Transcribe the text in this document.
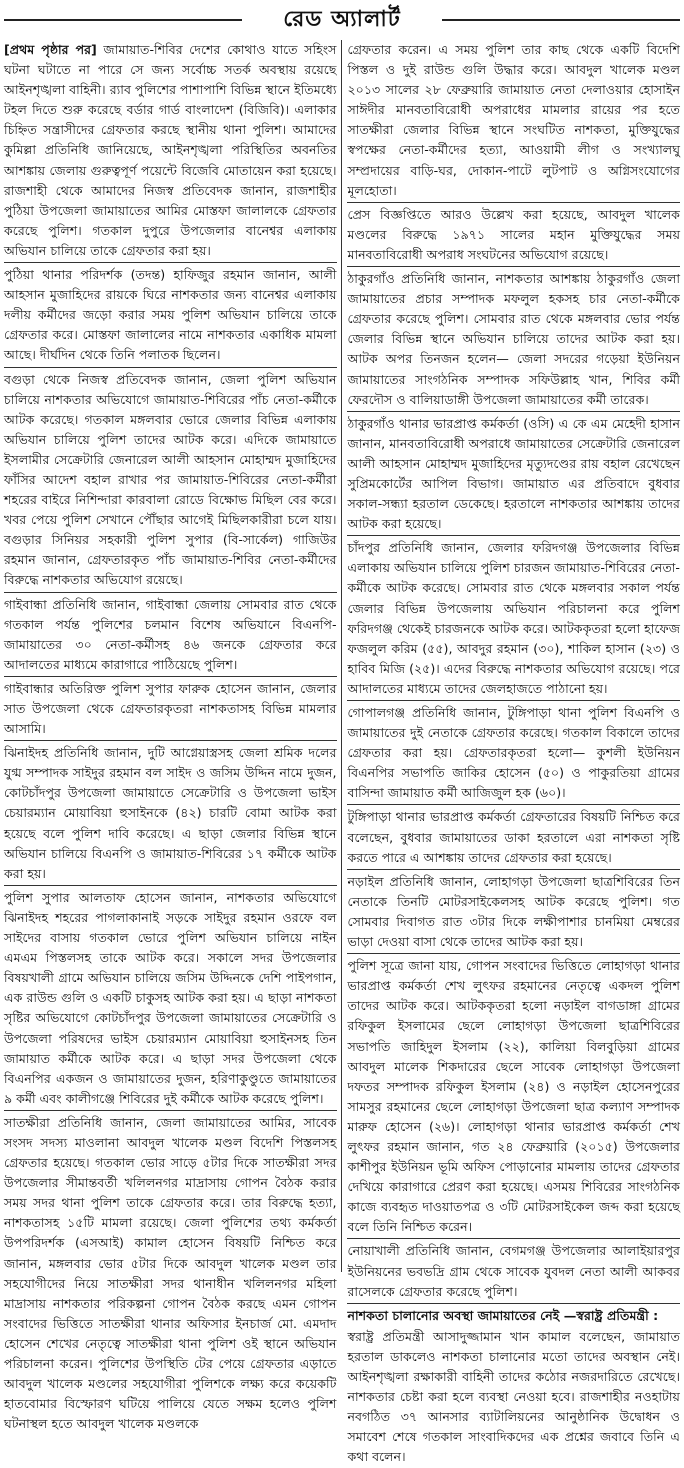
রেড অ্যালার্ট

[প্রথম পৃষ্ঠার পর] জামায়াত-শিবির দেশের কোথাও যাতে সহিংস ঘটনা ঘটাতে না পারে সে জন্য সর্বোচ্চ সতর্ক অবস্থায় রয়েছে আইনশৃঙ্খলা বাহিনী। র‍্যাব পুলিশের পাশাপাশি বিভিন্ন স্থানে ইতিমধ্যে টহল দিতে শুরু করেছে বর্ডার গার্ড বাংলাদেশ (বিজিবি)। এলাকার চিহ্নিত সন্ত্রাসীদের গ্রেফতার করছে স্থানীয় থানা পুলিশ। আমাদের কুমিল্লা প্রতিনিধি জানিয়েছে, আইনশৃঙ্খলা পরিস্থিতির অবনতির আশঙ্কায় জেলায় গুরুত্বপূর্ণ পয়েন্টে বিজেবি মোতায়েন করা হয়েছে। রাজশাহী থেকে আমাদের নিজস্ব প্রতিবেদক জানান, রাজশাহীর পুঠিয়া উপজেলা জামায়াতের আমির মোস্তফা জালালকে গ্রেফতার করেছে পুলিশ। গতকাল দুপুরে উপজেলার বানেশ্বর এলাকায় অভিযান চালিয়ে তাকে গ্রেফতার করা হয়।

পুঠিয়া থানার পরিদর্শক (তদন্ত) হাফিজুর রহমান জানান, আলী আহসান মুজাহিদের রায়কে ঘিরে নাশকতার জন্য বানেশ্বর এলাকায় দলীয় কর্মীদের জড়ো করার সময় পুলিশ অভিযান চালিয়ে তাকে গ্রেফতার করে। মোস্তফা জালালের নামে নাশকতার একাধিক মামলা আছে। দীর্ঘদিন থেকে তিনি পলাতক ছিলেন।

বগুড়া থেকে নিজস্ব প্রতিবেদক জানান, জেলা পুলিশ অভিযান চালিয়ে নাশকতার অভিযোগে জামায়াত-শিবিরের পাঁচ নেতা-কর্মীকে আটক করেছে। গতকাল মঙ্গলবার ভোরে জেলার বিভিন্ন এলাকায় অভিযান চালিয়ে পুলিশ তাদের আটক করে। এদিকে জামায়াতে ইসলামীর সেক্রেটারি জেনারেল আলী আহসান মোহাম্মদ মুজাহিদের ফাঁসির আদেশ বহাল রাখার পর জামায়াত-শিবিরের নেতা-কর্মীরা শহরের বাইরে নিশিন্দারা কারবালা রোডে বিক্ষোভ মিছিল বের করে। খবর পেয়ে পুলিশ সেখানে পৌঁছার আগেই মিছিলকারীরা চলে যায়। বগুড়ার সিনিয়র সহকারী পুলিশ সুপার (বি-সার্কেল) গাজিউর রহমান জানান, গ্রেফতারকৃত পাঁচ জামায়াত-শিবির নেতা-কর্মীদের বিরুদ্ধে নাশকতার অভিযোগ রয়েছে।

গাইবান্ধা প্রতিনিধি জানান, গাইবান্ধা জেলায় সোমবার রাত থেকে গতকাল পর্যন্ত পুলিশের চলমান বিশেষ অভিযানে বিএনপি-জামায়াতের ৩০ নেতা-কর্মীসহ ৪৬ জনকে গ্রেফতার করে আদালতের মাধ্যমে কারাগারে পাঠিয়েছে পুলিশ।

গাইবান্ধার অতিরিক্ত পুলিশ সুপার ফারুক হোসেন জানান, জেলার সাত উপজেলা থেকে গ্রেফতারকৃতরা নাশকতাসহ বিভিন্ন মামলার আসামি।

ঝিনাইদহ প্রতিনিধি জানান, দুটি আগ্নেয়াস্ত্রসহ জেলা শ্রমিক দলের যুগ্ম সম্পাদক সাইদুর রহমান বল সাইদ ও জসিম উদ্দিন নামে দুজন, কোটচাঁদপুর উপজেলা জামায়াতে সেক্রেটারি ও উপজেলা ভাইস চেয়ারম্যান মোয়াবিয়া হুসাইনকে (৪২) চারটি বোমা আটক করা হয়েছে বলে পুলিশ দাবি করেছে। এ ছাড়া জেলার বিভিন্ন স্থানে অভিযান চালিয়ে বিএনপি ও জামায়াত-শিবিরের ১৭ কর্মীকে আটক করা হয়।

পুলিশ সুপার আলতাফ হোসেন জানান, নাশকতার অভিযোগে ঝিনাইদহ শহরের পাগলাকানাই সড়কে সাইদুর রহমান ওরফে বল সাইদের বাসায় গতকাল ভোরে পুলিশ অভিযান চালিয়ে নাইন এমএম পিস্তলসহ তাকে আটক করে। সকালে সদর উপজেলার বিষয়খালী গ্রামে অভিযান চালিয়ে জসিম উদ্দিনকে দেশি পাইপগান, এক রাউন্ড গুলি ও একটি চাকুসহ আটক করা হয়। এ ছাড়া নাশকতা সৃষ্টির অভিযোগে কোটচাঁদপুর উপজেলা জামায়াতের সেক্রেটারি ও উপজেলা পরিষদের ভাইস চেয়ারম্যান মোয়াবিয়া হুসাইনসহ তিন জামায়াত কর্মীকে আটক করে। এ ছাড়া সদর উপজেলা থেকে বিএনপির একজন ও জামায়াতের দুজন, হরিণাকুণ্ডুতে জামায়াতের ৯ কর্মী এবং কালীগঞ্জে শিবিরের দুই কর্মীকে আটক করেছে পুলিশ।

সাতক্ষীরা প্রতিনিধি জানান, জেলা জামায়াতের আমির, সাবেক সংসদ সদস্য মাওলানা আবদুল খালেক মণ্ডল বিদেশি পিস্তলসহ গ্রেফতার হয়েছে। গতকাল ভোর সাড়ে ৫টার দিকে সাতক্ষীরা সদর উপজেলার সীমান্তবর্তী খলিলনগর মাদ্রাসায় গোপন বৈঠক করার সময় সদর থানা পুলিশ তাকে গ্রেফতার করে। তার বিরুদ্ধে হত্যা, নাশকতাসহ ১৫টি মামলা রয়েছে। জেলা পুলিশের তথ্য কর্মকর্তা উপপরিদর্শক (এসআই) কামাল হোসেন বিষয়টি নিশ্চিত করে জানান, মঙ্গলবার ভোর ৫টার দিকে আবদুল খালেক মণ্ডল তার সহযোগীদের নিয়ে সাতক্ষীরা সদর থানাধীন খলিলনগর মহিলা মাদ্রাসায় নাশকতার পরিকল্পনা গোপন বৈঠক করছে এমন গোপন সংবাদের ভিত্তিতে সাতক্ষীরা থানার অফিসার ইনচার্জ মো. এমদাদ হোসেন শেখের নেতৃত্বে সাতক্ষীরা থানা পুলিশ ওই স্থানে অভিযান পরিচালনা করেন। পুলিশের উপস্থিতি টের পেয়ে গ্রেফতার এড়াতে আবদুল খালেক মণ্ডলের সহযোগীরা পুলিশকে লক্ষ্য করে কয়েকটি হাতবোমার বিস্ফোরণ ঘটিয়ে পালিয়ে যেতে সক্ষম হলেও পুলিশ ঘটনাস্থল হতে আবদুল খালেক মণ্ডলকে

গ্রেফতার করেন। এ সময় পুলিশ তার কাছ থেকে একটি বিদেশি পিস্তল ও দুই রাউন্ড গুলি উদ্ধার করে। আবদুল খালেক মণ্ডল ২০১৩ সালের ২৮ ফেব্রুয়ারি জামায়াত নেতা দেলাওয়ার হোসাইন সাঈদীর মানবতাবিরোধী অপরাধের মামলার রায়ের পর হতে সাতক্ষীরা জেলার বিভিন্ন স্থানে সংঘটিত নাশকতা, মুক্তিযুদ্ধের স্বপক্ষের নেতা-কর্মীদের হত্যা, আওয়ামী লীগ ও সংখ্যালঘু সম্প্রদায়ের বাড়ি-ঘর, দোকান-পাটে লুটপাট ও অগ্নিসংযোগের মূলহোতা।

প্রেস বিজ্ঞপ্তিতে আরও উল্লেখ করা হয়েছে, আবদুল খালেক মণ্ডলের বিরুদ্ধে ১৯৭১ সালের মহান মুক্তিযুদ্ধের সময় মানবতাবিরোধী অপরাধ সংঘটনের অভিযোগ রয়েছে।

ঠাকুরগাঁও প্রতিনিধি জানান, নাশকতার আশঙ্কায় ঠাকুরগাঁও জেলা জামায়াতের প্রচার সম্পাদক মফলুল হকসহ চার নেতা-কর্মীকে গ্রেফতার করেছে পুলিশ। সোমবার রাত থেকে মঙ্গলবার ভোর পর্যন্ত জেলার বিভিন্ন স্থানে অভিযান চালিয়ে তাদের আটক করা হয়। আটক অপর তিনজন হলেন— জেলা সদরের গড়েয়া ইউনিয়ন জামায়াতের সাংগঠনিক সম্পাদক সফিউল্লাহ খান, শিবির কর্মী ফেরদৌস ও বালিয়াডাঙ্গী উপজেলা জামায়াতের কর্মী তারেক।

ঠাকুরগাঁও থানার ভারপ্রাপ্ত কর্মকর্তা (ওসি) এ কে এম মেহেদী হাসান জানান, মানবতাবিরোধী অপরাধে জামায়াতের সেক্রেটারি জেনারেল আলী আহসান মোহাম্মদ মুজাহিদের মৃত্যুদণ্ডের রায় বহাল রেখেছেন সুপ্রিমকোর্টের আপিল বিভাগ। জামায়াত এর প্রতিবাদে বুধবার সকাল-সন্ধ্যা হরতাল ডেকেছে। হরতালে নাশকতার আশঙ্কায় তাদের আটক করা হয়েছে।

চাঁদপুর প্রতিনিধি জানান, জেলার ফরিদগঞ্জ উপজেলার বিভিন্ন এলাকায় অভিযান চালিয়ে পুলিশ চারজন জামায়াত-শিবিরের নেতা-কর্মীকে আটক করেছে। সোমবার রাত থেকে মঙ্গলবার সকাল পর্যন্ত জেলার বিভিন্ন উপজেলায় অভিযান পরিচালনা করে পুলিশ ফরিদগঞ্জ থেকেই চারজনকে আটক করে। আটককৃতরা হলো হাফেজ ফজলুল করিম (৫৫), আবদুর রহমান (৩০), শাকিল হাসান (২৩) ও হাবিব মিজি (২৫)। এদের বিরুদ্ধে নাশকতার অভিযোগ রয়েছে। পরে আদালতের মাধ্যমে তাদের জেলহাজতে পাঠানো হয়।

গোপালগঞ্জ প্রতিনিধি জানান, টুঙ্গিপাড়া থানা পুলিশ বিএনপি ও জামায়াতের দুই নেতাকে গ্রেফতার করেছে। গতকাল বিকালে তাদের গ্রেফতার করা হয়। গ্রেফতারকৃতরা হলো— কুশলী ইউনিয়ন বিএনপির সভাপতি জাকির হোসেন (৫০) ও পাকুরতিয়া গ্রামের বাসিন্দা জামায়াত কর্মী আজিজুল হক (৬০)।

টুঙ্গিপাড়া থানার ভারপ্রাপ্ত কর্মকর্তা গ্রেফতারের বিষয়টি নিশ্চিত করে বলেছেন, বুধবার জামায়াতের ডাকা হরতালে এরা নাশকতা সৃষ্টি করতে পারে এ আশঙ্কায় তাদের গ্রেফতার করা হয়েছে।

নড়াইল প্রতিনিধি জানান, লোহাগড়া উপজেলা ছাত্রশিবিরের তিন নেতাকে তিনটি মোটরসাইকেলসহ আটক করেছে পুলিশ। গত সোমবার দিবাগত রাত ৩টার দিকে লক্ষীপাশার চানমিয়া মেম্বরের ভাড়া দেওয়া বাসা থেকে তাদের আটক করা হয়।

পুলিশ সূত্রে জানা যায়, গোপন সংবাদের ভিত্তিতে লোহাগড়া থানার ভারপ্রাপ্ত কর্মকর্তা শেখ লুৎফর রহমানের নেতৃত্বে একদল পুলিশ তাদের আটক করে। আটককৃতরা হলো নড়াইল বাগডাঙ্গা গ্রামের রফিকুল ইসলামের ছেলে লোহাগড়া উপজেলা ছাত্রশিবিরের সভাপতি জাহিদুল ইসলাম (২২), কালিয়া বিলবুড়িয়া গ্রামের আবদুল মালেক শিকদারের ছেলে সাবেক লোহাগড়া উপজেলা দফতর সম্পাদক রফিকুল ইসলাম (২৪) ও নড়াইল হোসেনপুরের সামসুর রহমানের ছেলে লোহাগড়া উপজেলা ছাত্র কল্যাণ সম্পাদক মারুফ হোসেন (২৬)। লোহাগড়া থানার ভারপ্রাপ্ত কর্মকর্তা শেখ লুৎফর রহমান জানান, গত ২৪ ফেব্রুয়ারি (২০১৫) উপজেলার কাশীপুর ইউনিয়ন ভূমি অফিস পোড়ানোর মামলায় তাদের গ্রেফতার দেখিয়ে কারাগারে প্রেরণ করা হয়েছে। এসময় শিবিরের সাংগঠনিক কাজে ব্যবহৃত দাওয়াতপত্র ও ৩টি মোটরসাইকেল জব্দ করা হয়েছে বলে তিনি নিশ্চিত করেন।

নোয়াখালী প্রতিনিধি জানান, বেগমগঞ্জ উপজেলার আলাইয়ারপুর ইউনিয়নের ভবভদ্রি গ্রাম থেকে সাবেক যুবদল নেতা আলী আকবর রাসেলকে গ্রেফতার করেছে পুলিশ।

নাশকতা চালানোর অবস্থা জামায়াতের নেই —স্বরাষ্ট্র প্রতিমন্ত্রী :

স্বরাষ্ট্র প্রতিমন্ত্রী আসাদুজ্জামান খান কামাল বলেছেন, জামায়াত হরতাল ডাকলেও নাশকতা চালানোর মতো তাদের অবস্থান নেই। আইনশৃঙ্খলা রক্ষাকারী বাহিনী তাদের কঠোর নজরদারিতে রেখেছে। নাশকতার চেষ্টা করা হলে ব্যবস্থা নেওয়া হবে। রাজশাহীর নওহাটায় নবগঠিত ৩৭ আনসার ব্যাটালিয়নের আনুষ্ঠানিক উদ্বোধন ও সমাবেশ শেষে গতকাল সাংবাদিকদের এক প্রশ্নের জবাবে তিনি এ কথা বলেন।
